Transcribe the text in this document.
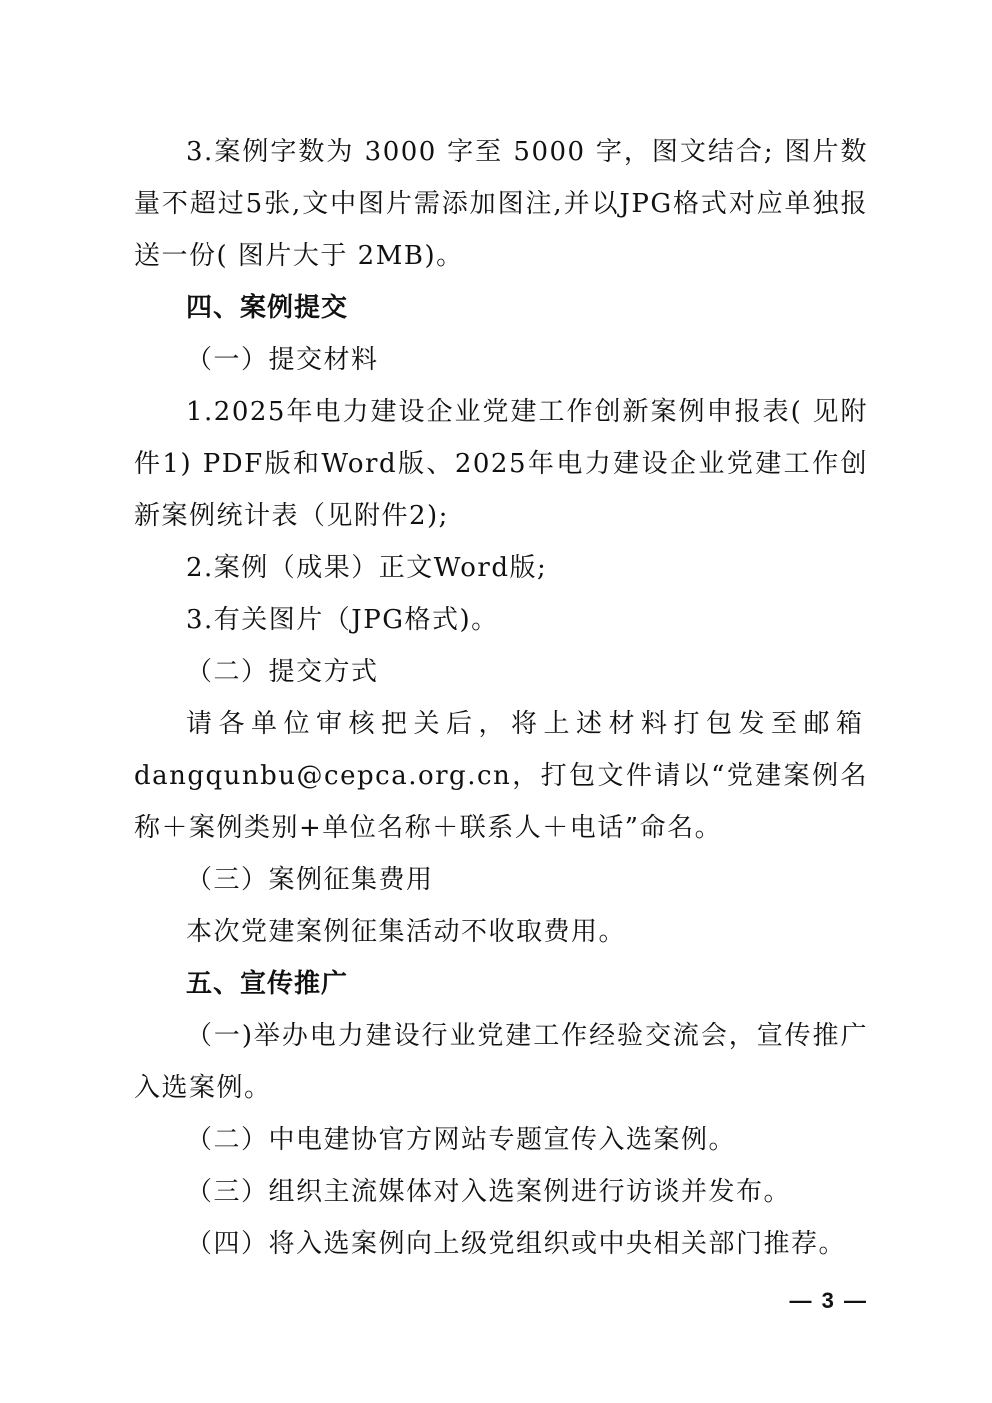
3.案例字数为 3000 字至 5000 字，图文结合; 图片数量不超过5张,文中图片需添加图注,并以JPG格式对应单独报送一份( 图片大于 2MB)。

四、案例提交

（一）提交材料

1.2025年电力建设企业党建工作创新案例申报表( 见附件1) PDF版和Word版、2025年电力建设企业党建工作创新案例统计表（见附件2);

2.案例（成果）正文Word版;

3.有关图片（JPG格式)。

（二）提交方式

请各单位审核把关后，将上述材料打包发至邮箱

dangqunbu@cepca.org.cn，打包文件请以“党建案例名称＋案例类别+单位名称＋联系人＋电话”命名。

（三）案例征集费用

本次党建案例征集活动不收取费用。

五、宣传推广

（一)举办电力建设行业党建工作经验交流会，宣传推广入选案例。

（二）中电建协官方网站专题宣传入选案例。

（三）组织主流媒体对入选案例进行访谈并发布。

（四）将入选案例向上级党组织或中央相关部门推荐。

— 3 —
